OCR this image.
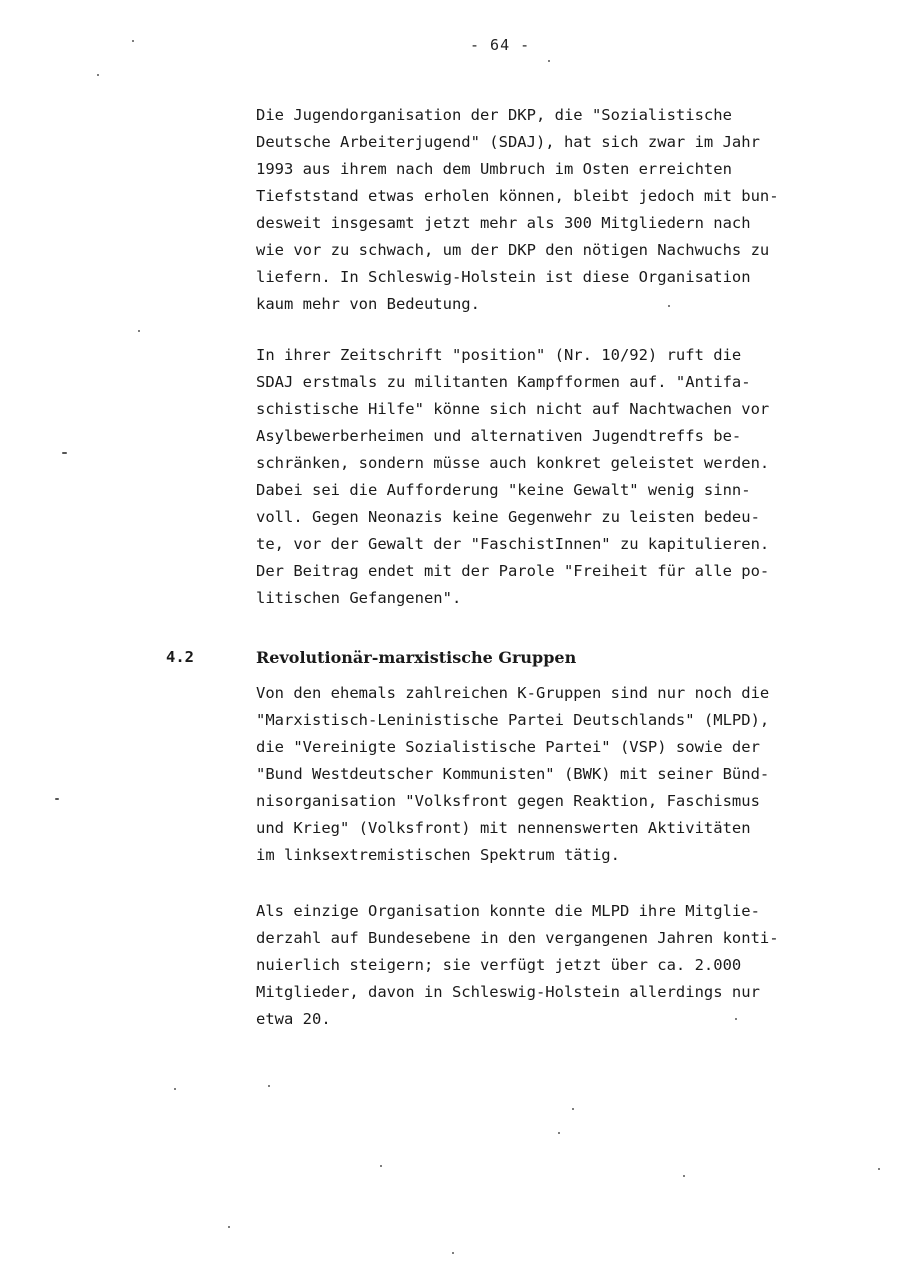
- 64 -
Die Jugendorganisation der DKP, die "Sozialistische
Deutsche Arbeiterjugend" (SDAJ), hat sich zwar im Jahr
1993 aus ihrem nach dem Umbruch im Osten erreichten
Tiefststand etwas erholen können, bleibt jedoch mit bun-
desweit insgesamt jetzt mehr als 300 Mitgliedern nach
wie vor zu schwach, um der DKP den nötigen Nachwuchs zu
liefern. In Schleswig-Holstein ist diese Organisation
kaum mehr von Bedeutung.
In ihrer Zeitschrift "position" (Nr. 10/92) ruft die
SDAJ erstmals zu militanten Kampfformen auf. "Antifa-
schistische Hilfe" könne sich nicht auf Nachtwachen vor
Asylbewerberheimen und alternativen Jugendtreffs be-
schränken, sondern müsse auch konkret geleistet werden.
Dabei sei die Aufforderung "keine Gewalt" wenig sinn-
voll. Gegen Neonazis keine Gegenwehr zu leisten bedeu-
te, vor der Gewalt der "FaschistInnen" zu kapitulieren.
Der Beitrag endet mit der Parole "Freiheit für alle po-
litischen Gefangenen".
4.2	Revolutionär-marxistische Gruppen
Von den ehemals zahlreichen K-Gruppen sind nur noch die
"Marxistisch-Leninistische Partei Deutschlands" (MLPD),
die "Vereinigte Sozialistische Partei" (VSP) sowie der
"Bund Westdeutscher Kommunisten" (BWK) mit seiner Bünd-
nisorganisation "Volksfront gegen Reaktion, Faschismus
und Krieg" (Volksfront) mit nennenswerten Aktivitäten
im linksextremistischen Spektrum tätig.
Als einzige Organisation konnte die MLPD ihre Mitglie-
derzahl auf Bundesebene in den vergangenen Jahren konti-
nuierlich steigern; sie verfügt jetzt über ca. 2.000
Mitglieder, davon in Schleswig-Holstein allerdings nur
etwa 20.
